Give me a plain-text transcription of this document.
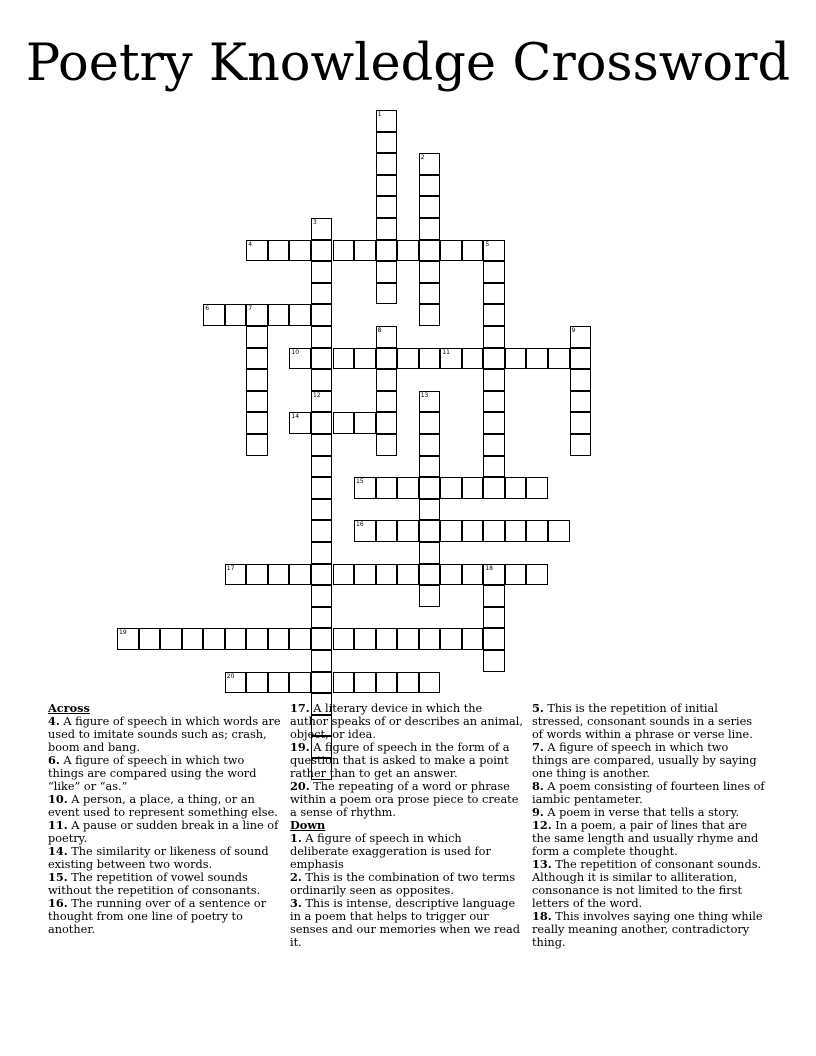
Poetry Knowledge Crossword
1
2
3
12
4	5
6	7
8	9
10	11
13
14
15
16
17	18
19
20
Across

4. A figure of speech in which words are used to imitate sounds such as; crash, boom and bang.

6. A figure of speech in which two things are compared using the word “like” or “as.”

10. A person, a place, a thing, or an event used to represent something else.

11. A pause or sudden break in a line of poetry.

14. The similarity or likeness of sound existing between two words.

15. The repetition of vowel sounds without the repetition of consonants.

16. The running over of a sentence or thought from one line of poetry to another.

17. A literary device in which the author speaks of or describes an animal, object, or idea.

19. A figure of speech in the form of a question that is asked to make a point rather than to get an answer.

20. The repeating of a word or phrase within a poem ora prose piece to create a sense of rhythm.

Down

1. A figure of speech in which deliberate exaggeration is used for emphasis

2. This is the combination of two terms ordinarily seen as opposites.

3. This is intense, descriptive language in a poem that helps to trigger our senses and our memories when we read it.

5. This is the repetition of initial stressed, consonant sounds in a series of words within a phrase or verse line.

7. A figure of speech in which two things are compared, usually by saying one thing is another.

8. A poem consisting of fourteen lines of iambic pentameter.

9. A poem in verse that tells a story.

12. In a poem, a pair of lines that are the same length and usually rhyme and form a complete thought.

13. The repetition of consonant sounds. Although it is similar to alliteration, consonance is not limited to the first letters of the word.

18. This involves saying one thing while really meaning another, contradictory thing.
